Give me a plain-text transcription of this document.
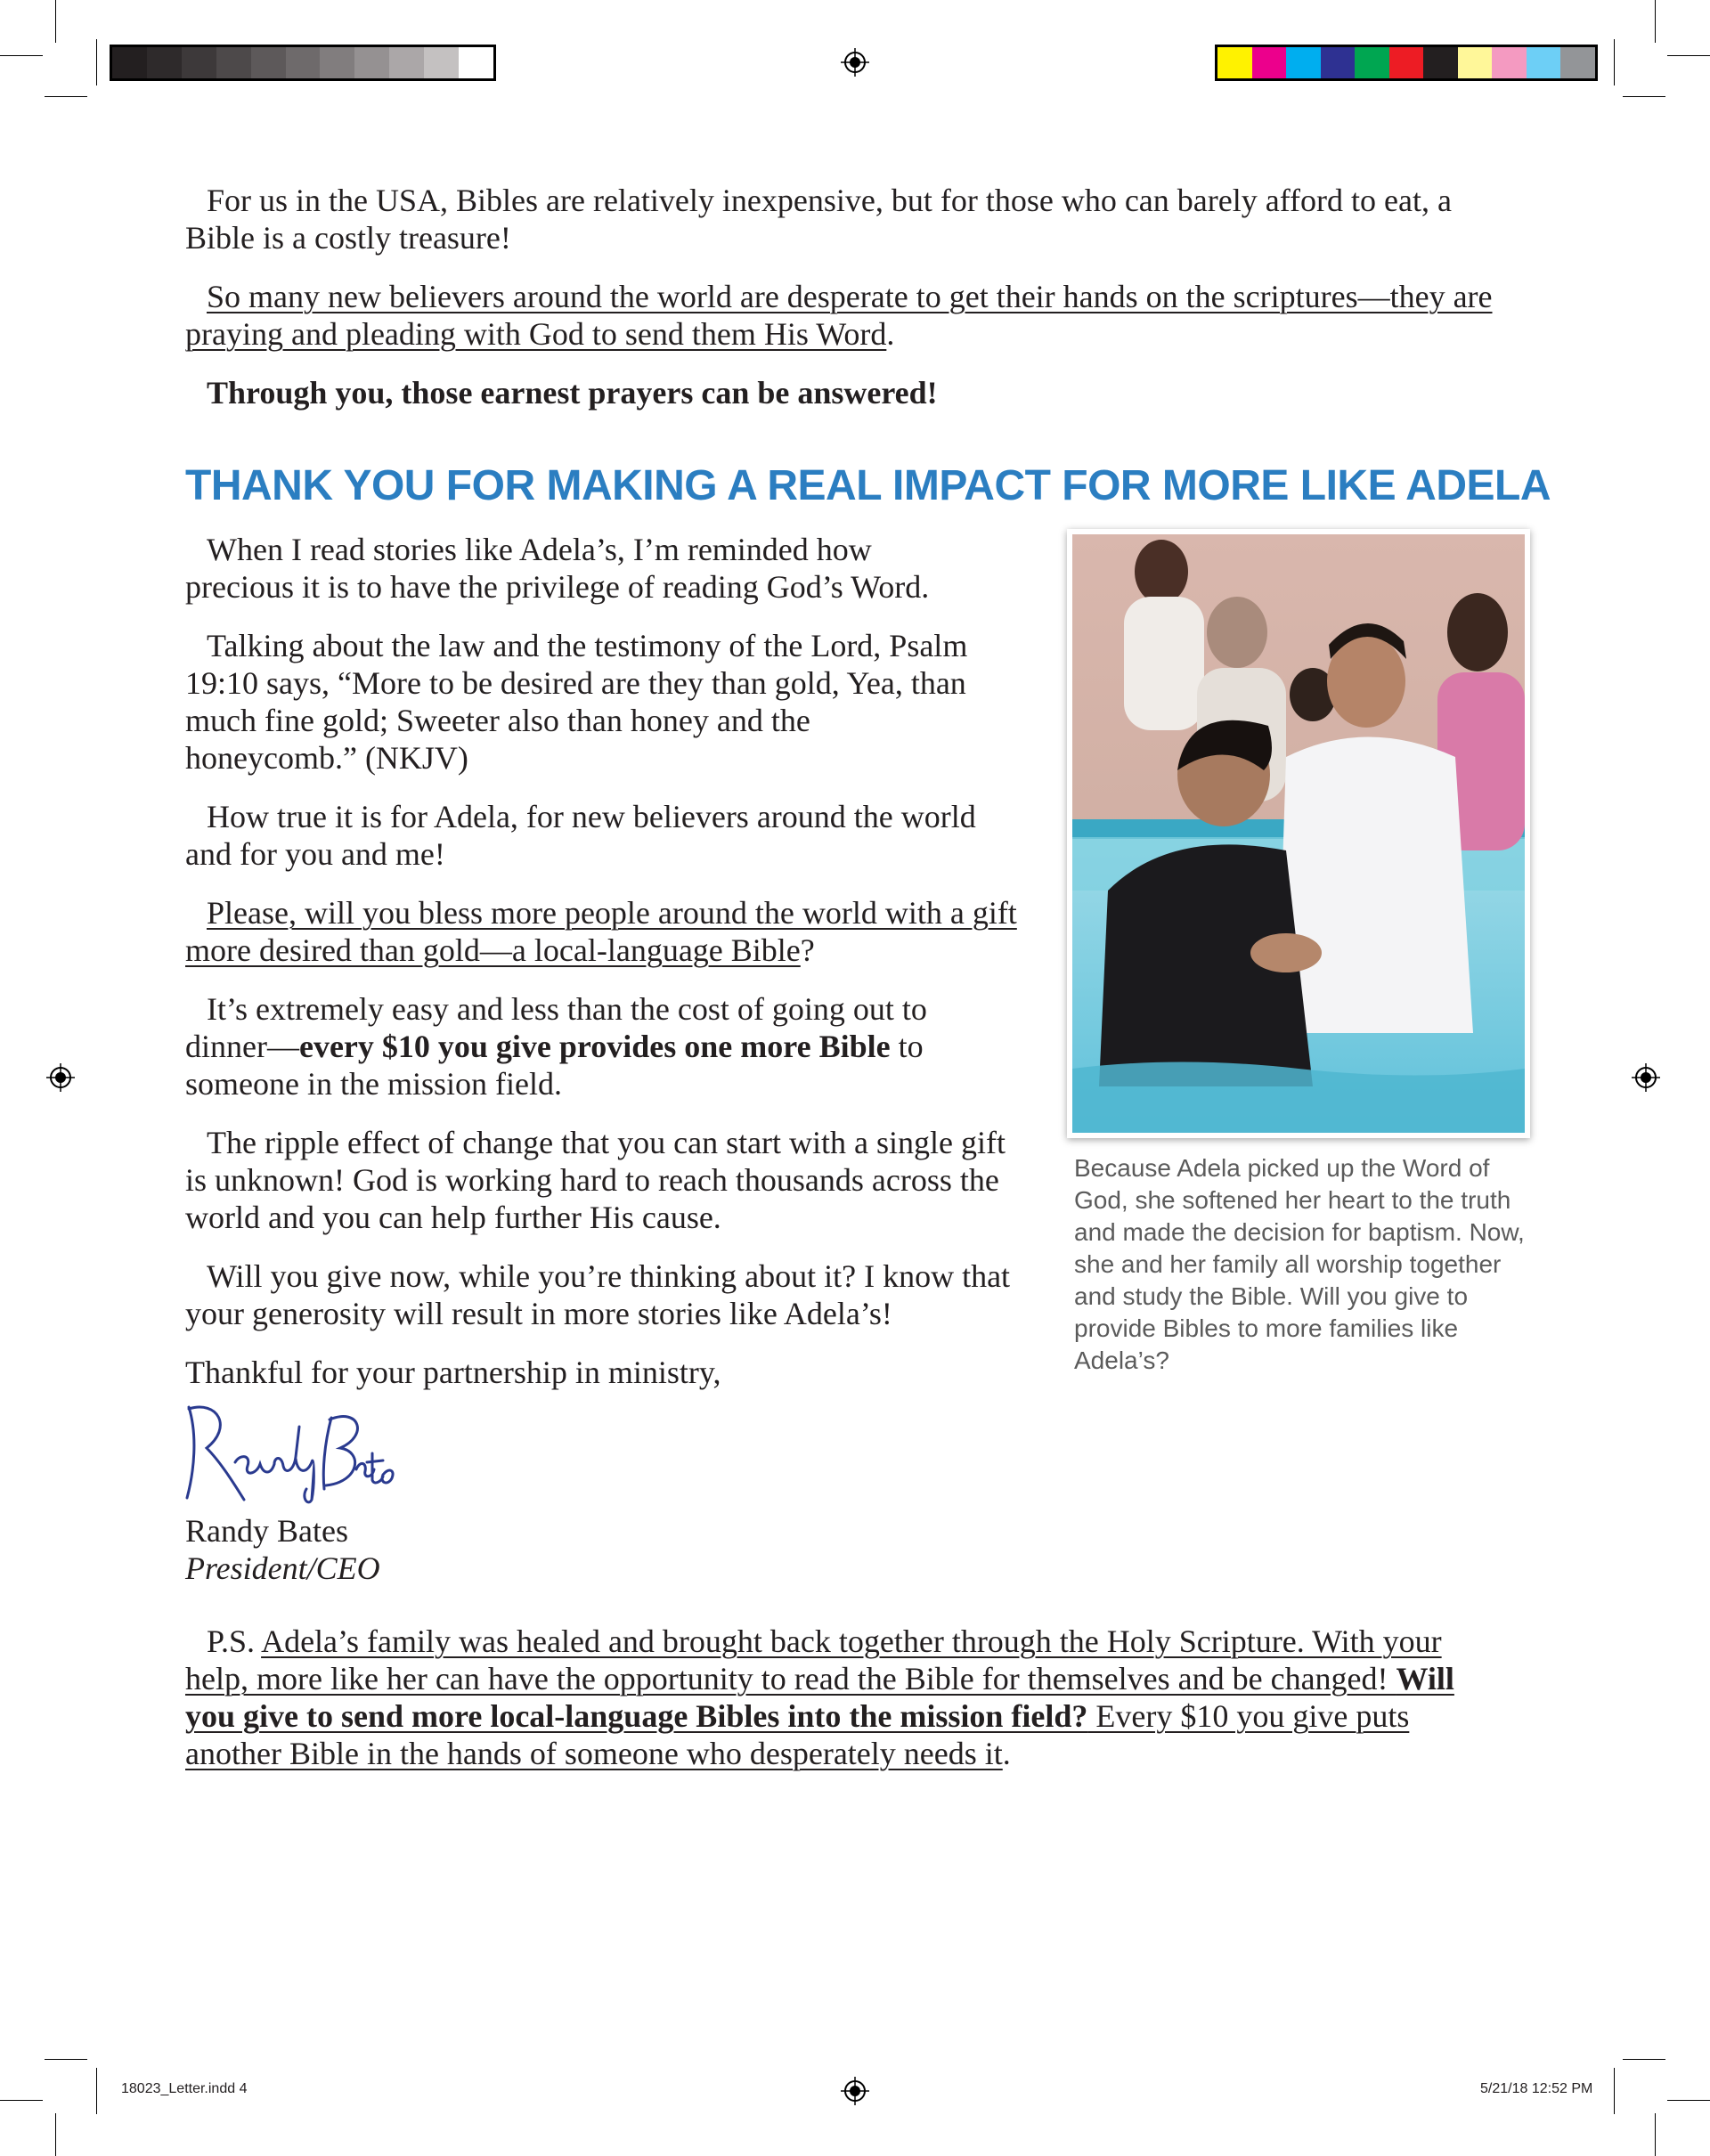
For us in the USA, Bibles are relatively inexpensive, but for those who can barely afford to eat, a Bible is a costly treasure!

So many new believers around the world are desperate to get their hands on the scriptures—they are praying and pleading with God to send them His Word.

Through you, those earnest prayers can be answered!

THANK YOU FOR MAKING A REAL IMPACT FOR MORE LIKE ADELA

When I read stories like Adela’s, I’m reminded how precious it is to have the privilege of reading God’s Word.

Talking about the law and the testimony of the Lord, Psalm 19:10 says, “More to be desired are they than gold, Yea, than much fine gold; Sweeter also than honey and the honeycomb.” (NKJV)

How true it is for Adela, for new believers around the world and for you and me!

Please, will you bless more people around the world with a gift more desired than gold—a local-language Bible?

It’s extremely easy and less than the cost of going out to dinner—every $10 you give provides one more Bible to someone in the mission field.

The ripple effect of change that you can start with a single gift is unknown! God is working hard to reach thousands across the world and you can help further His cause.

Will you give now, while you’re thinking about it? I know that your generosity will result in more stories like Adela’s!

Thankful for your partnership in ministry,

Because Adela picked up the Word of God, she softened her heart to the truth and made the decision for baptism. Now, she and her family all worship together and study the Bible. Will you give to provide Bibles to more families like Adela’s?

Randy Bates

President/CEO

P.S. Adela’s family was healed and brought back together through the Holy Scripture. With your help, more like her can have the opportunity to read the Bible for themselves and be changed! Will you give to send more local-language Bibles into the mission field? Every $10 you give puts another Bible in the hands of someone who desperately needs it.

18023_Letter.indd 4	5/21/18 12:52 PM
